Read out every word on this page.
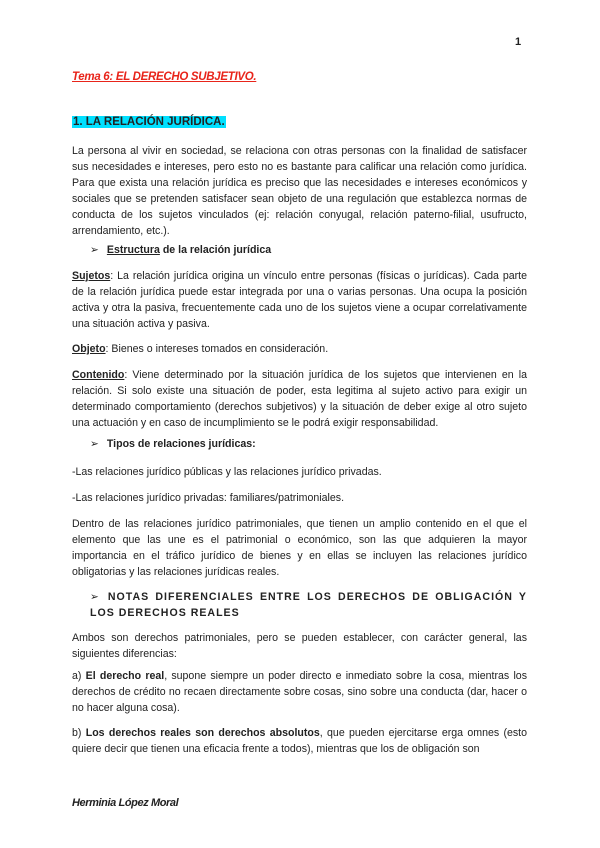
1
Tema 6: EL DERECHO SUBJETIVO.
1. LA RELACIÓN JURÍDICA.

La persona al vivir en sociedad, se relaciona con otras personas con la finalidad de satisfacer sus necesidades e intereses, pero esto no es bastante para calificar una relación como jurídica. Para que exista una relación jurídica es preciso que las necesidades e intereses económicos y sociales que se pretenden satisfacer sean objeto de una regulación que establezca normas de conducta de los sujetos vinculados (ej: relación conyugal, relación paterno-filial, usufructo, arrendamiento, etc.).

➢ Estructura de la relación jurídica

Sujetos: La relación jurídica origina un vínculo entre personas (físicas o jurídicas). Cada parte de la relación jurídica puede estar integrada por una o varias personas. Una ocupa la posición activa y otra la pasiva, frecuentemente cada uno de los sujetos viene a ocupar correlativamente una situación activa y pasiva.

Objeto: Bienes o intereses tomados en consideración.

Contenido: Viene determinado por la situación jurídica de los sujetos que intervienen en la relación. Si solo existe una situación de poder, esta legitima al sujeto activo para exigir un determinado comportamiento (derechos subjetivos) y la situación de deber exige al otro sujeto una actuación y en caso de incumplimiento se le podrá exigir responsabilidad.

➢ Tipos de relaciones jurídicas:

-Las relaciones jurídico públicas y las relaciones jurídico privadas.

-Las relaciones jurídico privadas: familiares/patrimoniales.

Dentro de las relaciones jurídico patrimoniales, que tienen un amplio contenido en el que el elemento que las une es el patrimonial o económico, son las que adquieren la mayor importancia en el tráfico jurídico de bienes y en ellas se incluyen las relaciones jurídico obligatorias y las relaciones jurídicas reales.

➢ NOTAS DIFERENCIALES ENTRE LOS DERECHOS DE OBLIGACIÓN Y LOS DERECHOS REALES

Ambos son derechos patrimoniales, pero se pueden establecer, con carácter general, las siguientes diferencias:

a) El derecho real, supone siempre un poder directo e inmediato sobre la cosa, mientras los derechos de crédito no recaen directamente sobre cosas, sino sobre una conducta (dar, hacer o no hacer alguna cosa).

b) Los derechos reales son derechos absolutos, que pueden ejercitarse erga omnes (esto quiere decir que tienen una eficacia frente a todos), mientras que los de obligación son

Herminia López Moral
